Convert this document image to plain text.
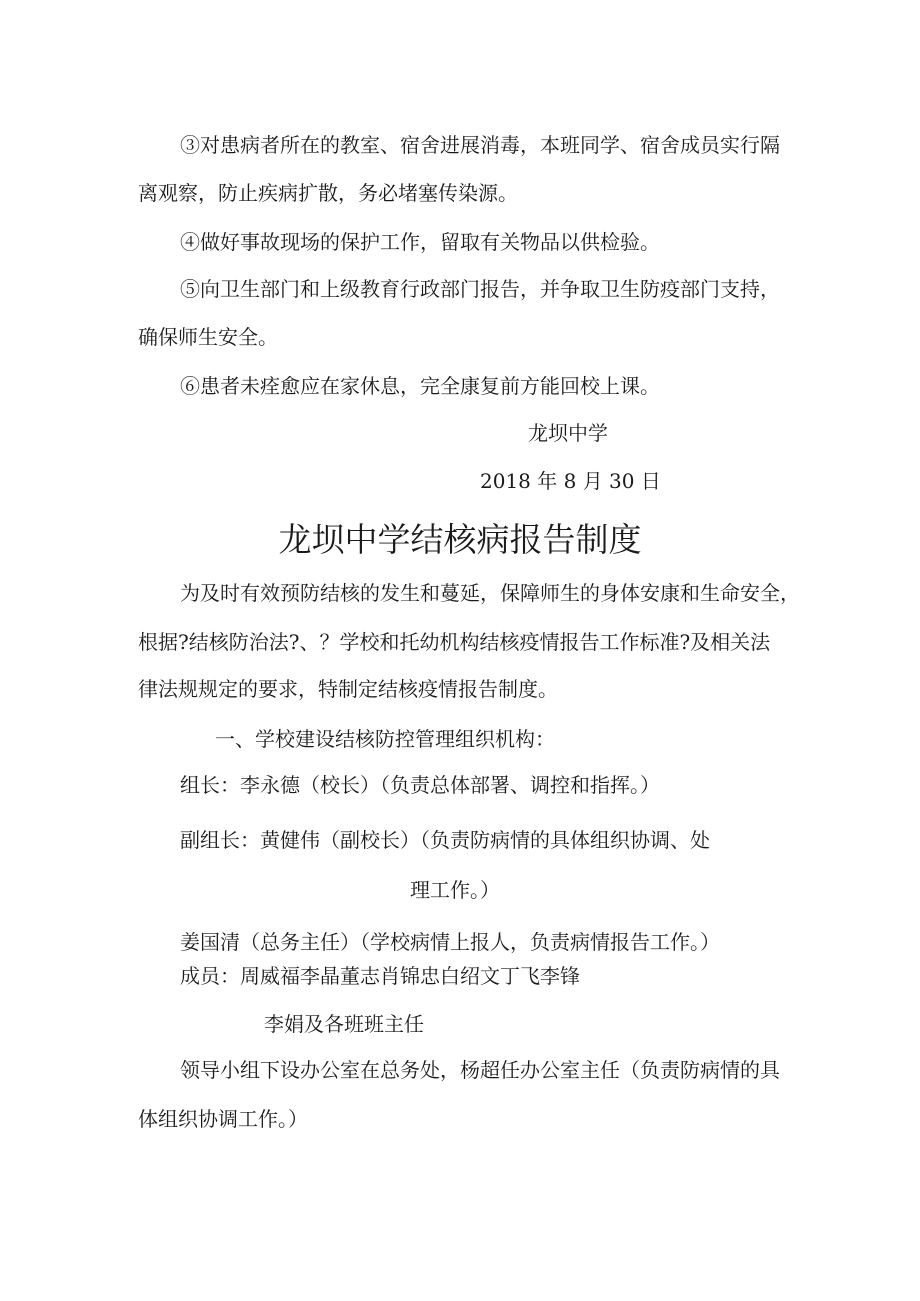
③对患病者所在的教室、宿舍进展消毒，本班同学、宿舍成员实行隔
离观察，防止疾病扩散，务必堵塞传染源。
④做好事故现场的保护工作，留取有关物品以供检验。
⑤向卫生部门和上级教育行政部门报告，并争取卫生防疫部门支持，
确保师生安全。
⑥患者未痊愈应在家休息，完全康复前方能回校上课。
龙坝中学
2018 年 8 月 30 日
龙坝中学结核病报告制度
为及时有效预防结核的发生和蔓延，保障师生的身体安康和生命安全，
根据?结核防治法?、？学校和托幼机构结核疫情报告工作标准?及相关法
律法规规定的要求，特制定结核疫情报告制度。
一、学校建设结核防控管理组织机构：
组长：李永德（校长）（负责总体部署、调控和指挥。）
副组长：黄健伟（副校长）（负责防病情的具体组织协调、处
理工作。）
姜国清（总务主任）（学校病情上报人，负责病情报告工作。）
成员：周威福李晶董志肖锦忠白绍文丁飞李锋
李娟及各班班主任
领导小组下设办公室在总务处，杨超任办公室主任（负责防病情的具
体组织协调工作。）
